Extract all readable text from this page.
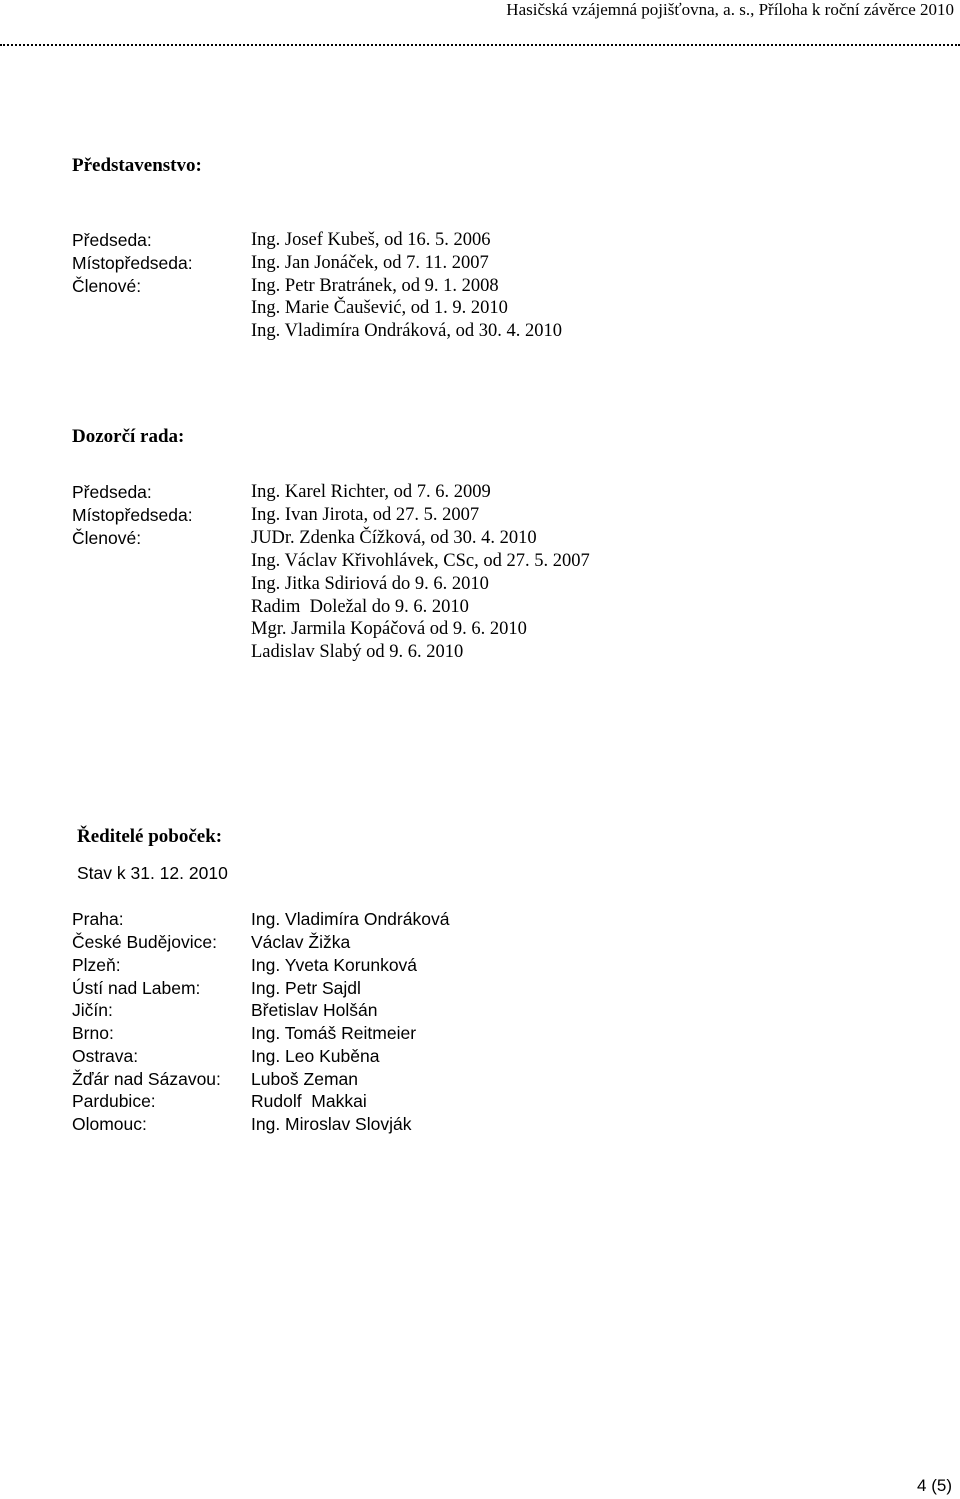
Hasičská vzájemná pojišťovna, a. s., Příloha k roční závěrce 2010
Představenstvo:
Předseda:	Ing. Josef Kubeš, od 16. 5. 2006
Místopředseda:	Ing. Jan Jonáček, od 7. 11. 2007
Členové:	Ing. Petr Bratránek, od 9. 1. 2008
Ing. Marie Čaušević, od 1. 9. 2010
Ing. Vladimíra Ondráková, od 30. 4. 2010
Dozorčí rada:
Předseda:	Ing. Karel Richter, od 7. 6. 2009
Místopředseda:	Ing. Ivan Jirota, od 27. 5. 2007
Členové:	JUDr. Zdenka Čížková, od 30. 4. 2010
Ing. Václav Křivohlávek, CSc, od 27. 5. 2007
Ing. Jitka Sdiriová do 9. 6. 2010
Radim  Doležal do 9. 6. 2010
Mgr. Jarmila Kopáčová od 9. 6. 2010
Ladislav Slabý od 9. 6. 2010
Ředitelé poboček:
Stav k 31. 12. 2010
Praha:	Ing. Vladimíra Ondráková
České Budějovice: Václav Žižka
Plzeň:	Ing. Yveta Korunková
Ústí nad Labem:	Ing. Petr Sajdl
Jičín:	Břetislav Holšán
Brno:	Ing. Tomáš Reitmeier
Ostrava:	Ing. Leo Kuběna
Žďár nad Sázavou: Luboš Zeman
Pardubice:	Rudolf  Makkai
Olomouc:	Ing. Miroslav Slovják
4 (5)
